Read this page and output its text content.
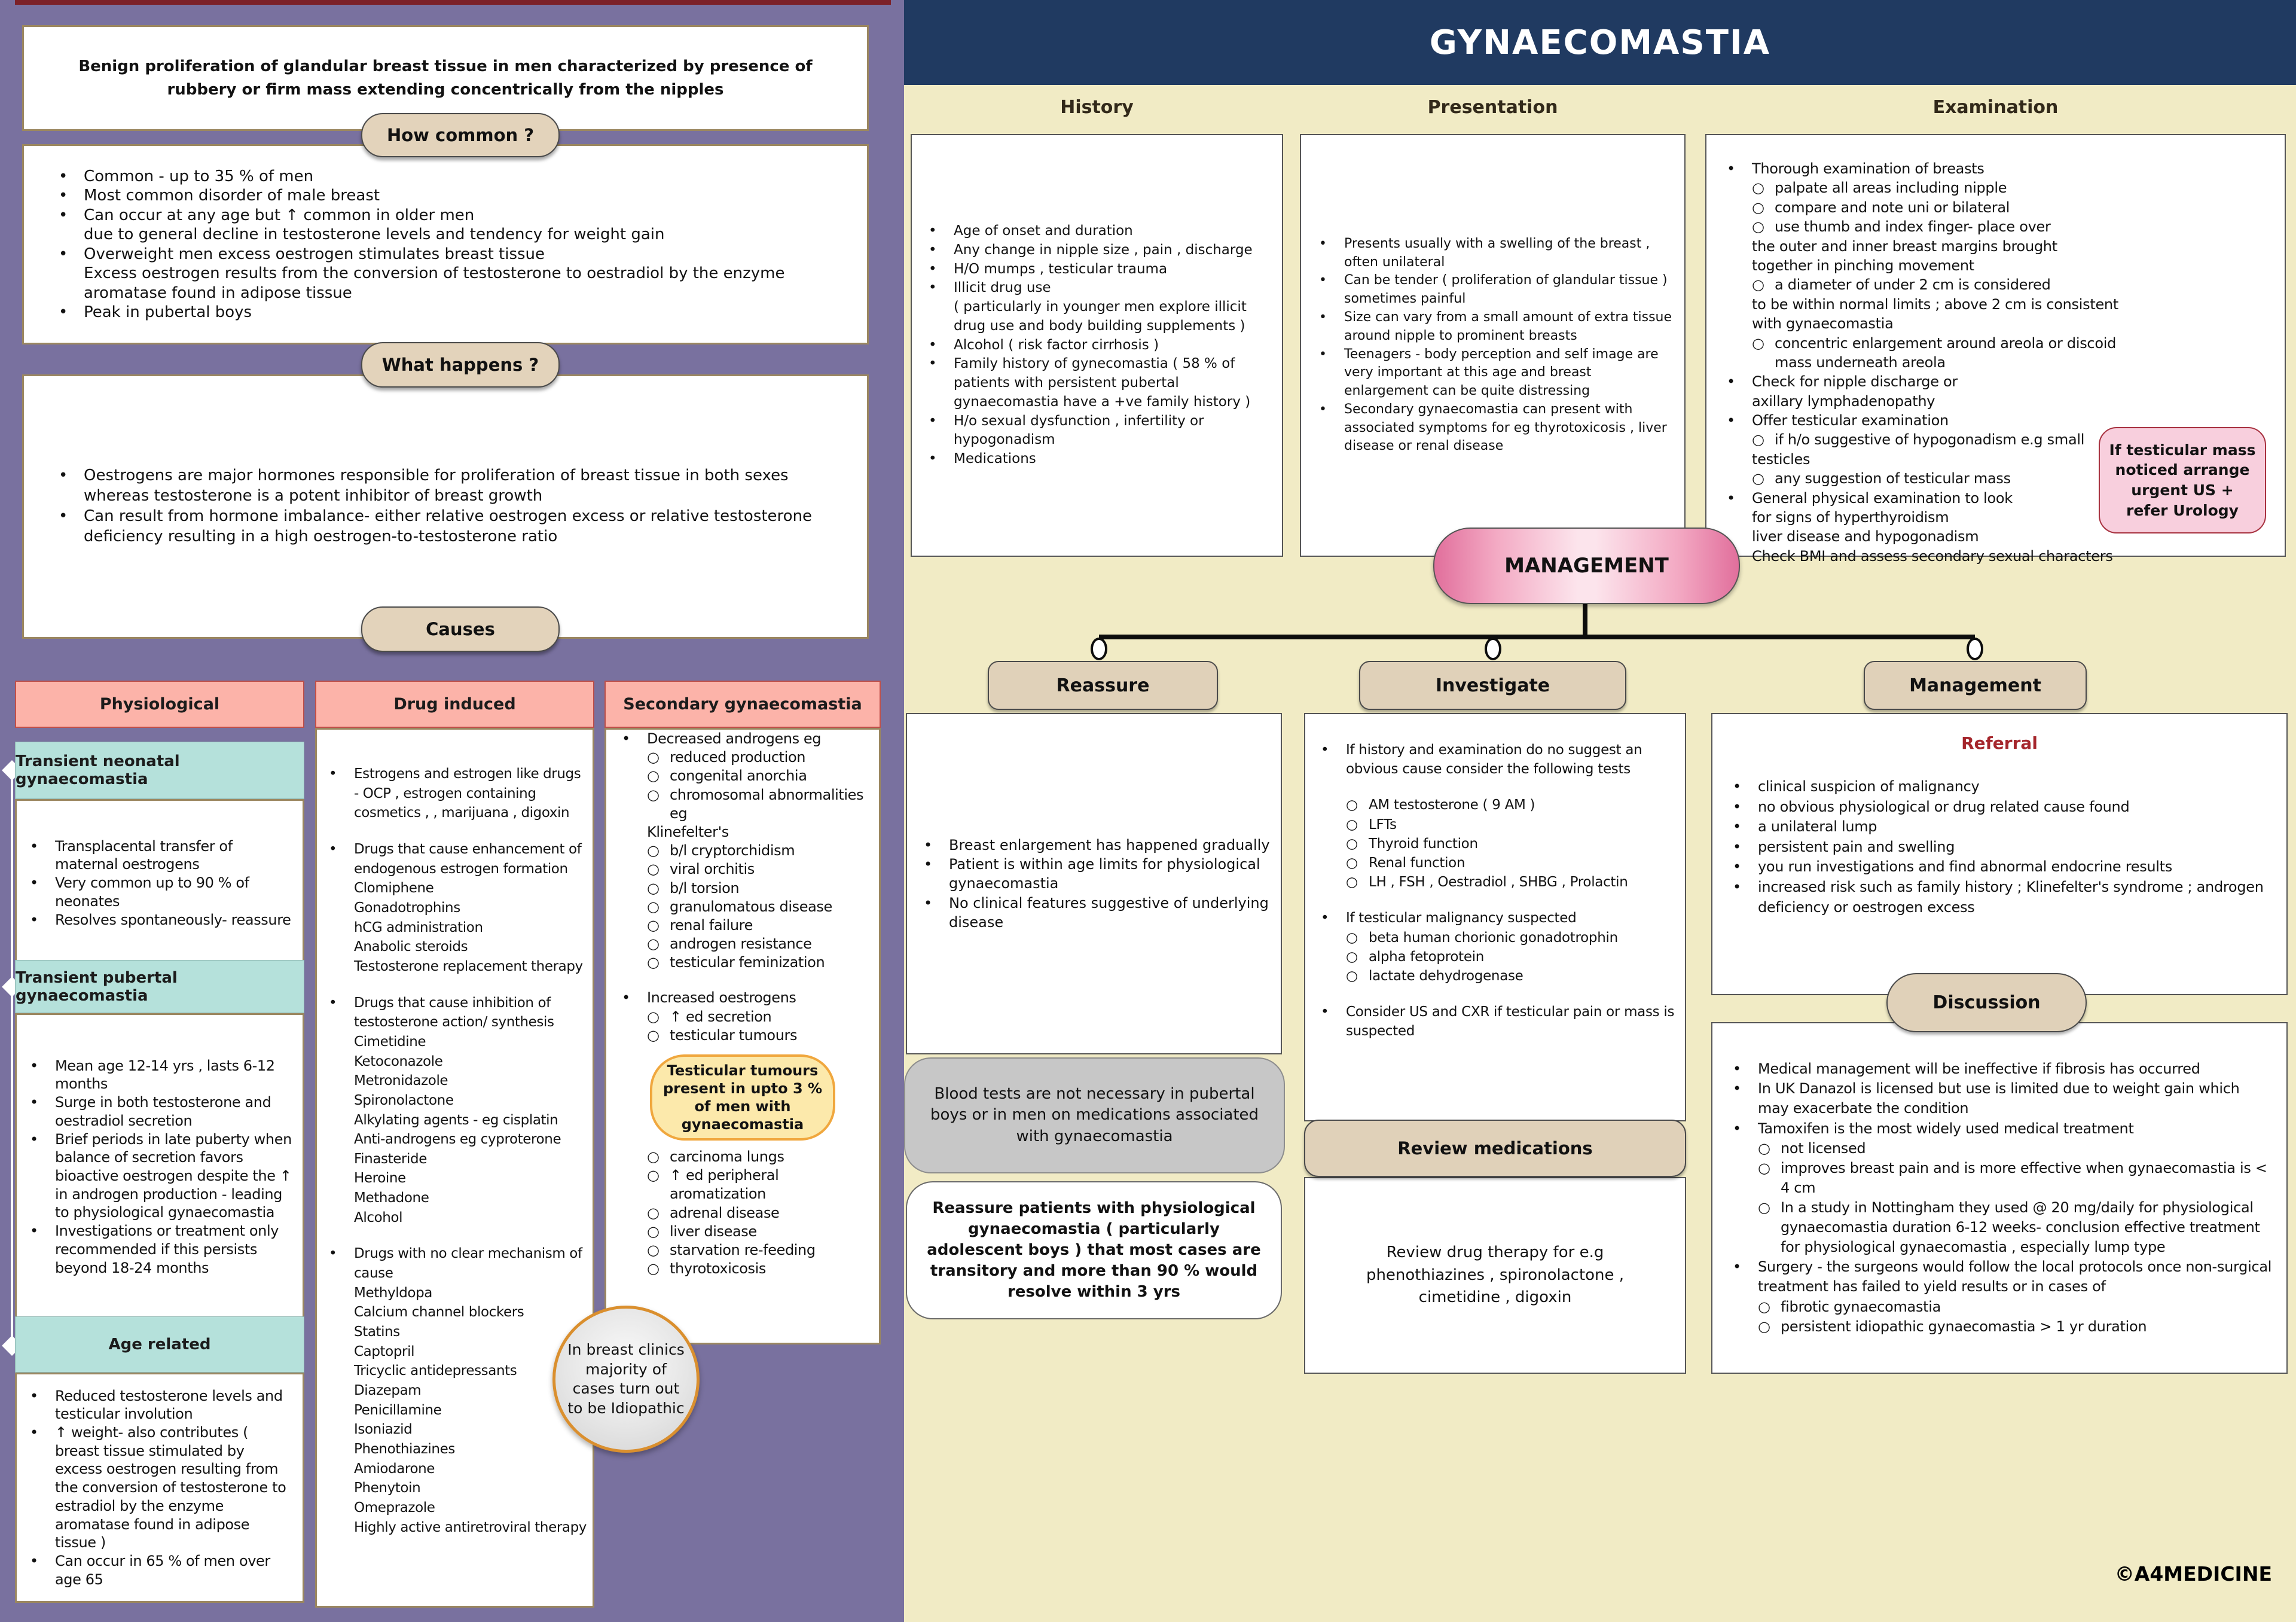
Benign proliferation of glandular breast tissue in men characterized by presence of rubbery or firm mass extending concentrically from the nipples
How common ?
•	Common - up to 35 % of men
•	Most common disorder of male breast
•	Can occur at any age but ↑ common in older men
due to general decline in testosterone levels and tendency for weight gain
•	Overweight men excess oestrogen stimulates breast tissue
Excess oestrogen results from the conversion of testosterone to oestradiol by the enzyme aromatase found in adipose tissue
•	Peak in pubertal boys
What happens ?
•	Oestrogens are major hormones responsible for proliferation of breast tissue in both sexes whereas testosterone is a potent inhibitor of breast growth
•	Can result from hormone imbalance- either relative oestrogen excess or relative testosterone deficiency resulting in a high oestrogen-to-testosterone ratio
Causes
Physiological
Transient neonatal gynaecomastia
•	Transplacental transfer of maternal oestrogens
•	Very common up to 90 % of neonates
•	Resolves spontaneously- reassure
Transient pubertal gynaecomastia
•	Mean age 12-14 yrs , lasts 6-12 months
•	Surge in both testosterone and oestradiol secretion
•	Brief periods in late puberty when balance of secretion favors bioactive oestrogen despite the ↑ in androgen production - leading to physiological gynaecomastia
•	Investigations or treatment only recommended if this persists beyond 18-24 months
Age related
•	Reduced testosterone levels and testicular involution
•	↑ weight- also contributes ( breast tissue stimulated by excess oestrogen resulting from the conversion of testosterone to estradiol by the enzyme aromatase found in adipose tissue )
•	Can occur in 65 % of men over age 65
Drug induced
•	Estrogens and estrogen like drugs - OCP , estrogen containing cosmetics , , marijuana , digoxin
•	Drugs that cause enhancement of endogenous estrogen formation
Clomiphene
Gonadotrophins
hCG administration
Anabolic steroids
Testosterone replacement therapy
•	Drugs that cause inhibition of testosterone action/ synthesis
Cimetidine
Ketoconazole
Metronidazole
Spironolactone
Alkylating agents - eg cisplatin
Anti-androgens eg cyproterone
Finasteride
Heroine
Methadone
Alcohol
•	Drugs with no clear mechanism of cause
Methyldopa
Calcium channel blockers
Statins
Captopril
Tricyclic antidepressants
Diazepam
Penicillamine
Isoniazid
Phenothiazines
Amiodarone
Phenytoin
Omeprazole
Highly active antiretroviral therapy
Secondary gynaecomastia
•	Decreased androgens eg
○ reduced production
○ congenital anorchia
○ chromosomal abnormalities eg
Klinefelter's
○ b/l cryptorchidism
○ viral orchitis
○ b/l torsion
○ granulomatous disease
○ renal failure
○ androgen resistance
○ testicular feminization
•	Increased oestrogens
○ ↑ ed secretion
○ testicular tumours
Testicular tumours present in upto 3 % of men with gynaecomastia
○ carcinoma lungs
○ ↑ ed peripheral aromatization
○ adrenal disease
○ liver disease
○ starvation re-feeding
○ thyrotoxicosis
In breast clinics majority of cases turn out to be Idiopathic
GYNAECOMASTIA
History	Presentation	Examination
•	Age of onset and duration
•	Any change in nipple size , pain , discharge
•	H/O mumps , testicular trauma
•	Illicit drug use
( particularly in younger men explore illicit drug use and body building supplements )
•	Alcohol ( risk factor cirrhosis )
•	Family history of gynecomastia ( 58 % of patients with persistent pubertal gynaecomastia have a +ve family history )
•	H/o sexual dysfunction , infertility or hypogonadism
•	Medications
•	Presents usually with a swelling of the breast , often unilateral
•	Can be tender ( proliferation of glandular tissue ) sometimes painful
•	Size can vary from a small amount of extra tissue around nipple to prominent breasts
•	Teenagers - body perception and self image are very important at this age and breast enlargement can be quite distressing
•	Secondary gynaecomastia can present with associated symptoms for eg thyrotoxicosis , liver disease or renal disease
•	Thorough examination of breasts
○ palpate all areas including nipple
○ compare and note uni or bilateral
○ use thumb and index finger- place over
the outer and inner breast margins brought
together in pinching movement
○ a diameter of under 2 cm is considered
to be within normal limits ; above 2 cm is consistent with gynaecomastia
○ concentric enlargement around areola or discoid mass underneath areola
•	Check for nipple discharge or
axillary lymphadenopathy
•	Offer testicular examination
○ if h/o suggestive of hypogonadism e.g small
testicles
○ any suggestion of testicular mass
•	General physical examination to look
for signs of hyperthyroidism
liver disease and hypogonadism
Check BMI and assess secondary sexual characters
If testicular mass noticed arrange urgent US + refer Urology
MANAGEMENT
Reassure	Investigate	Management
•	Breast enlargement has happened gradually
•	Patient is within age limits for physiological gynaecomastia
•	No clinical features suggestive of underlying disease
Blood tests are not necessary in pubertal boys or in men on medications associated with gynaecomastia
Reassure patients with physiological gynaecomastia ( particularly adolescent boys ) that most cases are transitory and more than 90 % would resolve within 3 yrs
•	If history and examination do no suggest an obvious cause consider the following tests
○ AM testosterone ( 9 AM )
○ LFTs
○ Thyroid function
○ Renal function
○ LH , FSH , Oestradiol , SHBG , Prolactin
•	If testicular malignancy suspected
○ beta human chorionic gonadotrophin
○ alpha fetoprotein
○ lactate dehydrogenase
•	Consider US and CXR if testicular pain or mass is suspected
Review medications
Review drug therapy for e.g phenothiazines , spironolactone , cimetidine , digoxin
Referral
•	clinical suspicion of malignancy
•	no obvious physiological or drug related cause found
•	a unilateral lump
•	persistent pain and swelling
•	you run investigations and find abnormal endocrine results
•	increased risk such as family history ; Klinefelter's syndrome ; androgen deficiency or oestrogen excess
Discussion
•	Medical management will be ineffective if fibrosis has occurred
•	In UK Danazol is licensed but use is limited due to weight gain which may exacerbate the condition
•	Tamoxifen is the most widely used medical treatment
○ not licensed
○ improves breast pain and is more effective when gynaecomastia is < 4 cm
○ In a study in Nottingham they used @ 20 mg/daily for physiological gynaecomastia duration 6-12 weeks- conclusion effective treatment for physiological gynaecomastia , especially lump type
•	Surgery - the surgeons would follow the local protocols once non-surgical treatment has failed to yield results or in cases of
○ fibrotic gynaecomastia
○ persistent idiopathic gynaecomastia > 1 yr duration
©A4MEDICINE
